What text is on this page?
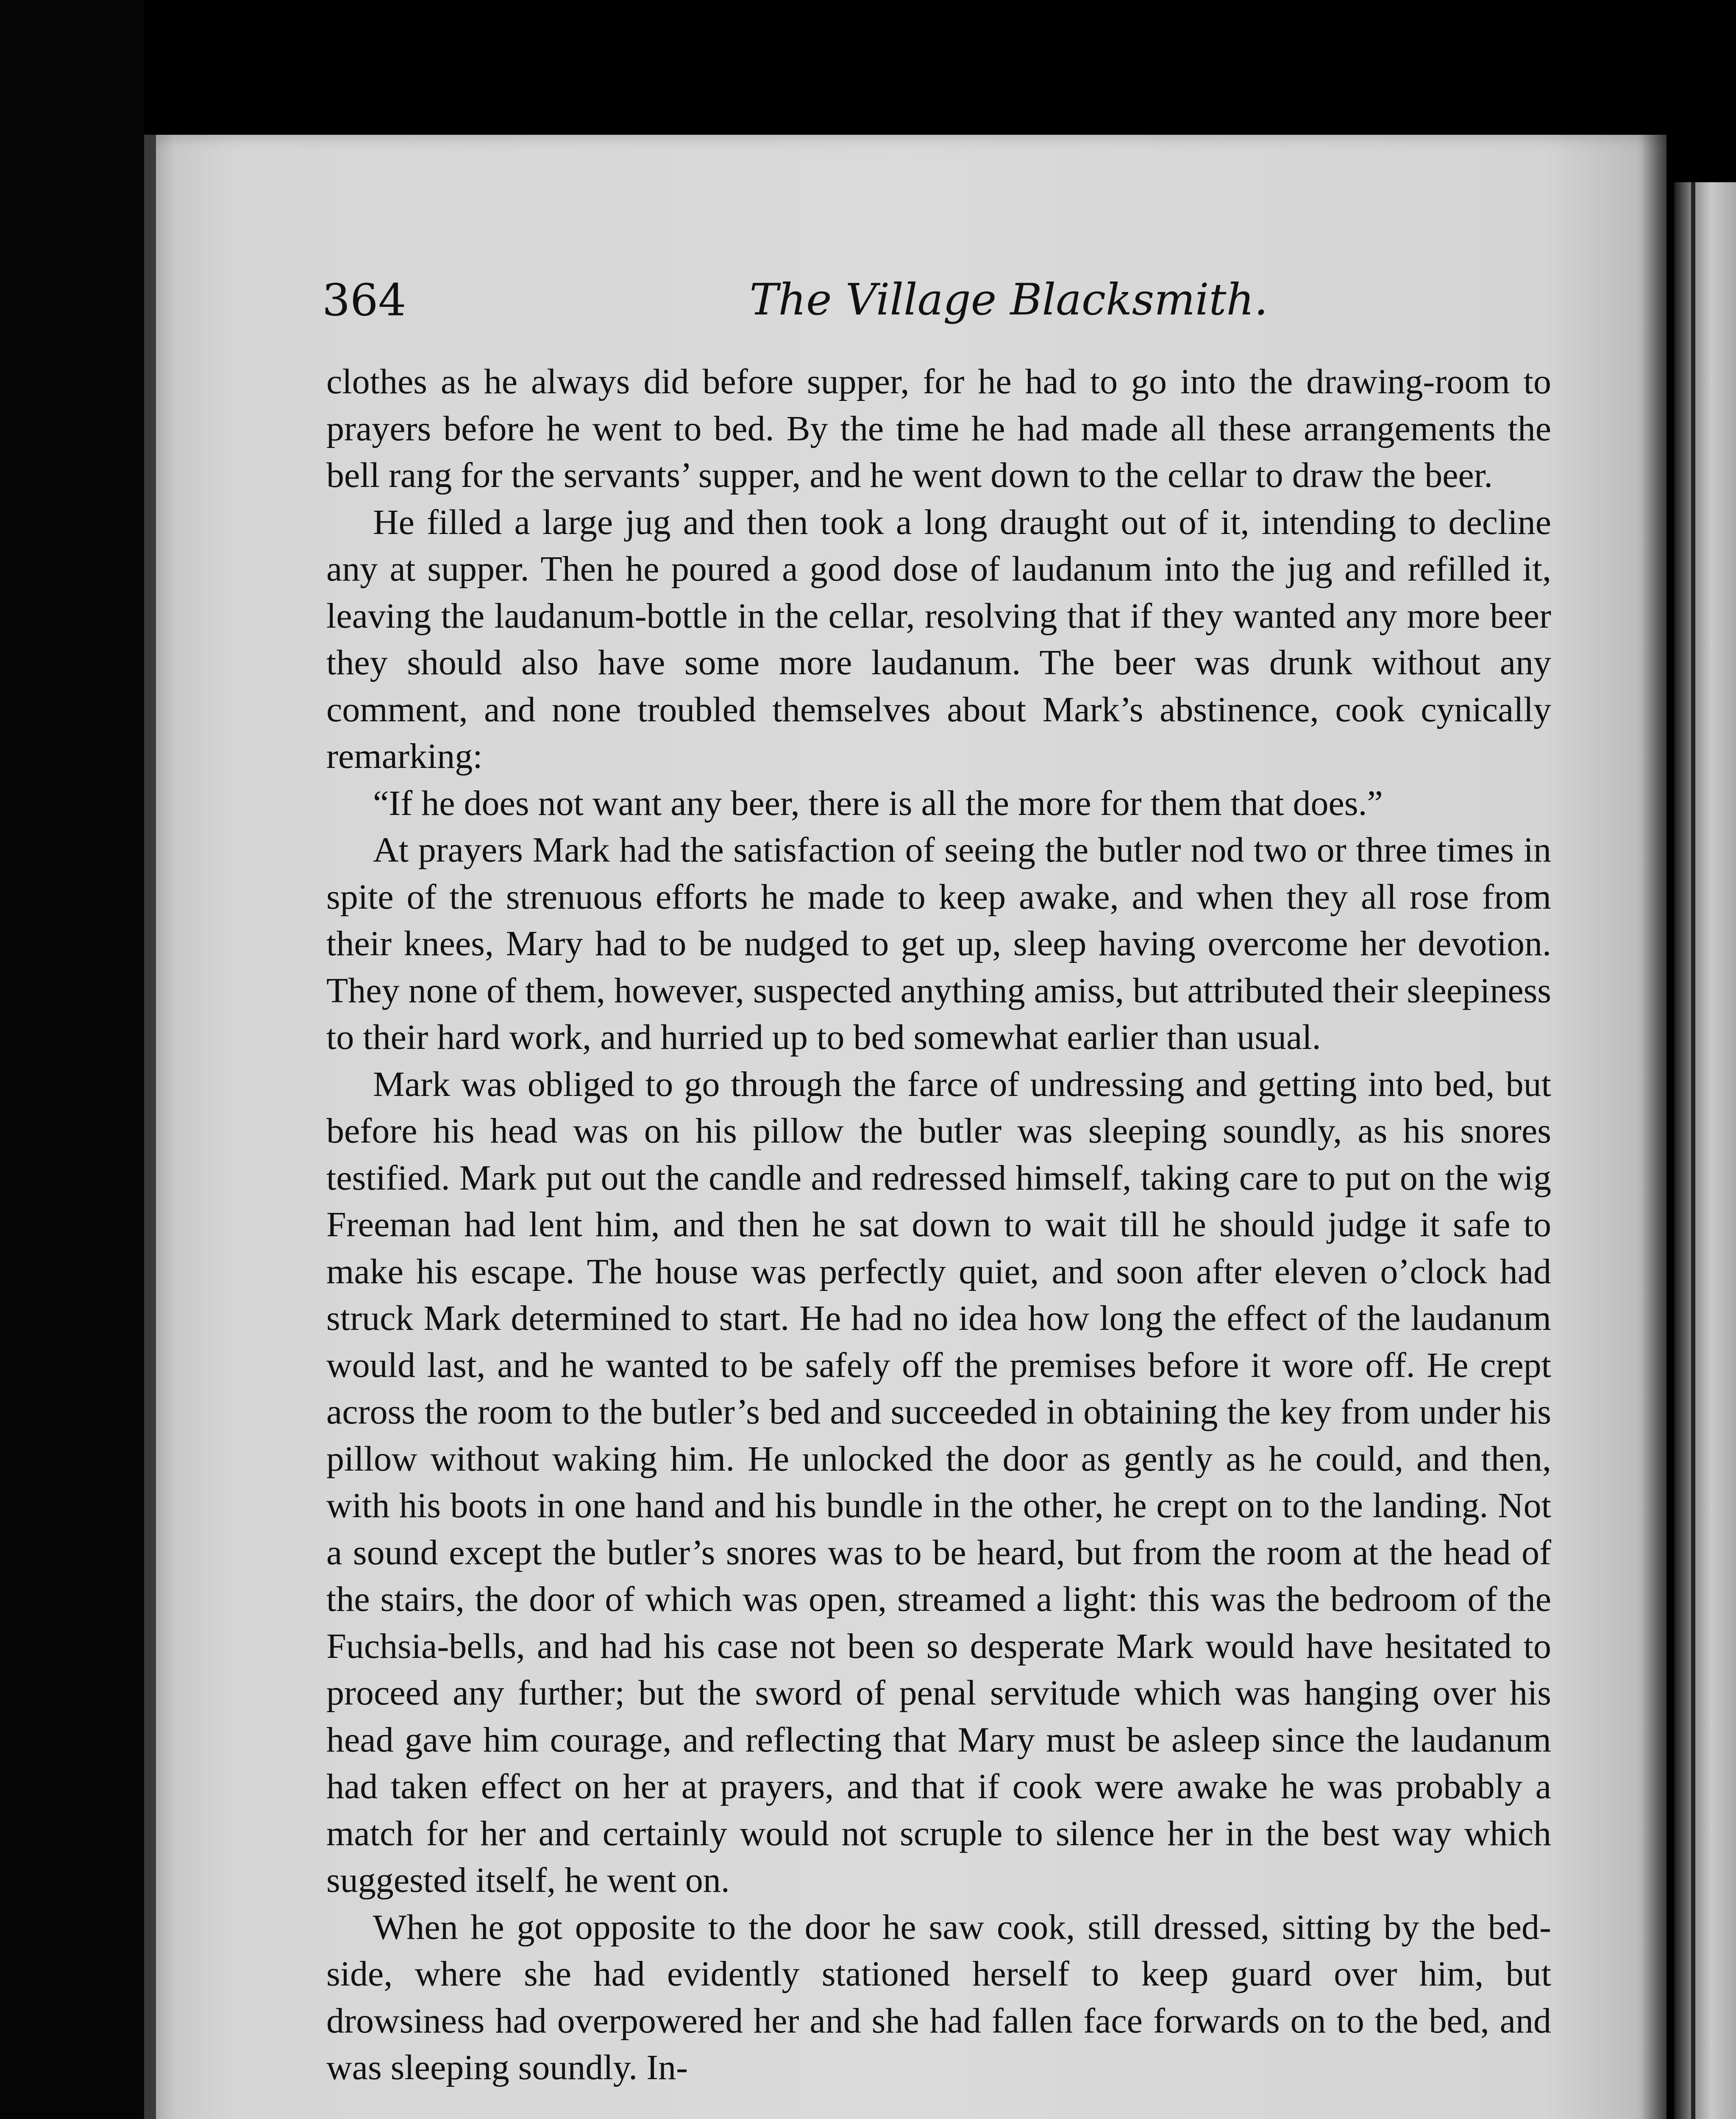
364	The Village Blacksmith.

clothes as he always did before supper, for he had to go into the drawing-room to prayers before he went to bed. By the time he had made all these arrangements the bell rang for the servants’ supper, and he went down to the cellar to draw the beer.

He filled a large jug and then took a long draught out of it, intending to decline any at supper. Then he poured a good dose of laudanum into the jug and refilled it, leaving the laudanum-bottle in the cellar, resolving that if they wanted any more beer they should also have some more laudanum. The beer was drunk without any comment, and none troubled themselves about Mark’s abstinence, cook cynically remarking:

“If he does not want any beer, there is all the more for them that does.”

At prayers Mark had the satisfaction of seeing the butler nod two or three times in spite of the strenuous efforts he made to keep awake, and when they all rose from their knees, Mary had to be nudged to get up, sleep having overcome her devotion. They none of them, however, suspected anything amiss, but attributed their sleepiness to their hard work, and hurried up to bed somewhat earlier than usual.

Mark was obliged to go through the farce of undressing and getting into bed, but before his head was on his pillow the butler was sleeping soundly, as his snores testified. Mark put out the candle and redressed himself, taking care to put on the wig Freeman had lent him, and then he sat down to wait till he should judge it safe to make his escape. The house was perfectly quiet, and soon after eleven o’clock had struck Mark determined to start. He had no idea how long the effect of the laudanum would last, and he wanted to be safely off the premises before it wore off. He crept across the room to the butler’s bed and succeeded in obtaining the key from under his pillow without waking him. He unlocked the door as gently as he could, and then, with his boots in one hand and his bundle in the other, he crept on to the landing. Not a sound except the butler’s snores was to be heard, but from the room at the head of the stairs, the door of which was open, streamed a light: this was the bedroom of the Fuchsia-bells, and had his case not been so desperate Mark would have hesitated to proceed any further; but the sword of penal servitude which was hanging over his head gave him courage, and reflecting that Mary must be asleep since the laudanum had taken effect on her at prayers, and that if cook were awake he was probably a match for her and certainly would not scruple to silence her in the best way which suggested itself, he went on.

When he got opposite to the door he saw cook, still dressed, sitting by the bed-side, where she had evidently stationed herself to keep guard over him, but drowsiness had overpowered her and she had fallen face forwards on to the bed, and was sleeping soundly. In-
